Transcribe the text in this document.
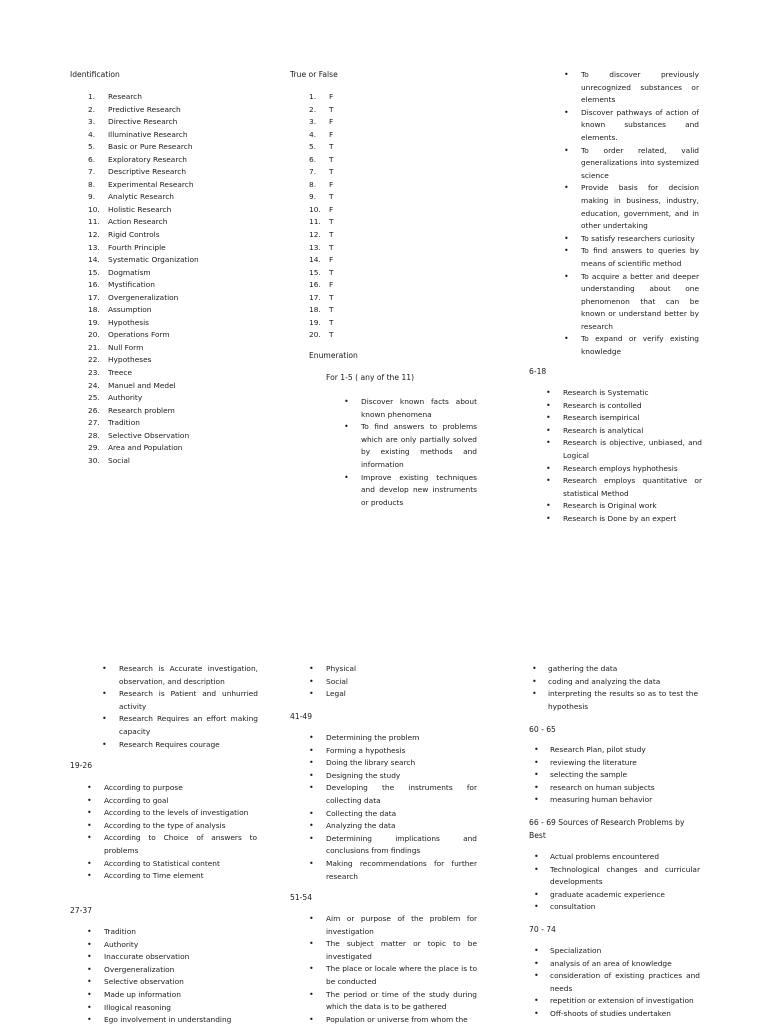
Identification
1.	Research
2.	Predictive Research
3.	Directive Research
4.	Illuminative Research
5.	Basic or Pure Research
6.	Exploratory Research
7.	Descriptive Research
8.	Experimental Research
9.	Analytic Research
10.	Holistic Research
11.	Action Research
12.	Rigid Controls
13.	Fourth Principle
14.	Systematic Organization
15.	Dogmatism
16.	Mystification
17.	Overgeneralization
18.	Assumption
19.	Hypothesis
20.	Operations Form
21.	Null Form
22.	Hypotheses
23.	Treece
24.	Manuel and Medel
25.	Authority
26.	Research problem
27.	Tradition
28.	Selective Observation
29.	Area and Population
30.	Social
True or False
1.	F
2.	T
3.	F
4.	F
5.	T
6.	T
7.	T
8.	F
9.	T
10.	F
11.	T
12.	T
13.	T
14.	F
15.	T
16.	F
17.	T
18.	T
19.	T
20.	T
Enumeration
For 1-5 ( any of the 11)
• Discover known facts about known phenomena
• To find answers to problems which are only partially solved by existing methods and information
• Improve existing techniques and develop new instruments or products
• To discover previously unrecognized substances or elements
• Discover pathways of action of known substances and elements.
• To order related, valid generalizations into systemized science
• Provide basis for decision making in business, industry, education, government, and in other undertaking
• To satisfy researchers curiosity
• To find answers to queries by means of scientific method
• To acquire a better and deeper understanding about one phenomenon that can be known or understand better by research
• To expand or verify existing knowledge
6-18
• Research is Systematic
• Research is contolled
• Research isempirical
• Research is analytical
• Research is objective, unbiased, and Logical
• Research employs hyphothesis
• Research employs quantitative or statistical Method
• Research is Original work
• Research is Done by an expert
• Research is Accurate investigation, observation, and description
• Research is Patient and unhurried activity
• Research Requires an effort making capacity
• Research Requires courage
19-26
• According to purpose
• According to goal
• According to the levels of investigation
• According to the type of analysis
• According to Choice of answers to problems
• According to Statistical content
• According to Time element
27-37
• Tradition
• Authority
• Inaccurate observation
• Overgeneralization
• Selective observation
• Made up information
• Illogical reasoning
• Ego involvement in understanding
• Physical
• Social
• Legal
41-49
• Determining the problem
• Forming a hypothesis
• Doing the library search
• Designing the study
• Developing the instruments for collecting data
• Collecting the data
• Analyzing the data
• Determining implications and conclusions from findings
• Making recommendations for further research
51-54
• Aim or purpose of the problem for investigation
• The subject matter or topic to be investigated
• The place or locale where the place is to be conducted
• The period or time of the study during which the data is to be gathered
• Population or universe from whom the
• gathering the data
• coding and analyzing the data
• interpreting the results so as to test the hypothesis
60 - 65
• Research Plan, pilot study
• reviewing the literature
• selecting the sample
• research on human subjects
• measuring human behavior
66 - 69 Sources of Research Problems by Best
• Actual problems encountered
• Technological changes and curricular developments
• graduate academic experience
• consultation
70 - 74
• Specialization
• analysis of an area of knowledge
• consideration of existing practices and needs
• repetition or extension of investigation
• Off-shoots of studies undertaken
